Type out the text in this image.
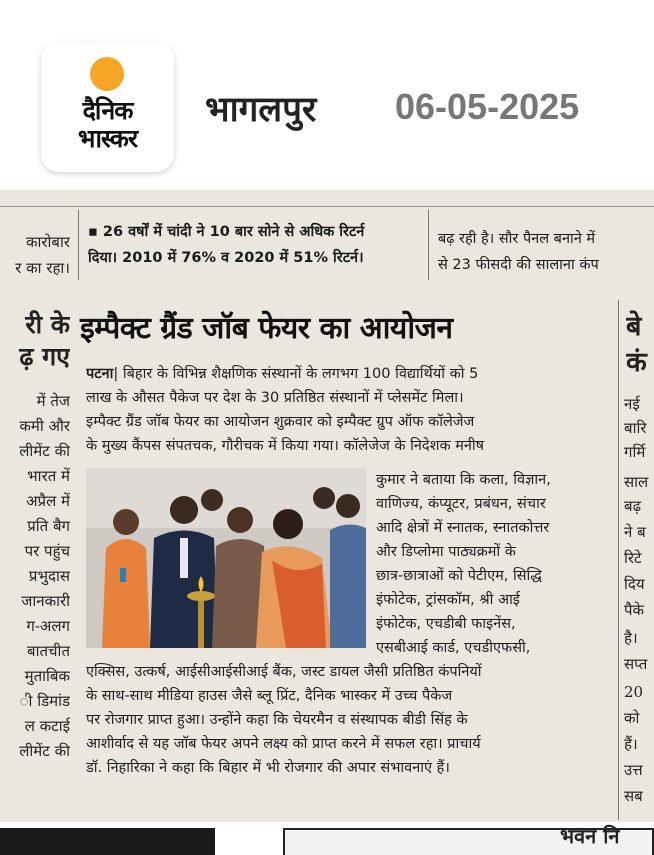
दैनिक
भास्कर
भागलपुर 06-05-2025
कारोबार
र का रहा।
री के
ढ़ गए
में तेज
कमी और
लीमेंट की
भारत में
अप्रैल में
प्रति बैग
पर पहुंच
प्रभुदास
जानकारी
ग-अलग
बातचीत
मुताबिक
ी डिमांड
ल कटाई
लीमेंट की
▪ 26 वर्षों में चांदी ने 10 बार सोने से अधिक रिटर्न
दिया। 2010 में 76% व 2020 में 51% रिटर्न।
बढ़ रही है। सौर पैनल बनाने में
से 23 फीसदी की सालाना कंप
बे
कं
नई
बारि
गर्मि
साल
बढ़
ने ब
रिटे
दिय
पैके
है।
सप्त
20
को
हैं।
उत्त
सब
इम्पैक्ट ग्रैंड जॉब फेयर का आयोजन
पटना| बिहार के विभिन्न शैक्षणिक संस्थानों के लगभग 100 विद्यार्थियों को 5
लाख के औसत पैकेज पर देश के 30 प्रतिष्ठित संस्थानों में प्लेसमेंट मिला।
इम्पैक्ट ग्रैंड जॉब फेयर का आयोजन शुक्रवार को इम्पैक्ट ग्रुप ऑफ कॉलेजेज
के मुख्य कैंपस संपतचक, गौरीचक में किया गया। कॉलेजेज के निदेशक मनीष
कुमार ने बताया कि कला, विज्ञान,
वाणिज्य, कंप्यूटर, प्रबंधन, संचार
आदि क्षेत्रों में स्नातक, स्नातकोत्तर
और डिप्लोमा पाठ्यक्रमों के
छात्र-छात्राओं को पेटीएम, सिद्धि
इंफोटेक, ट्रांसकॉम, श्री आई
इंफोटेक, एचडीबी फाइनेंस,
एसबीआई कार्ड, एचडीएफसी,
एक्सिस, उत्कर्ष, आईसीआईसीआई बैंक, जस्ट डायल जैसी प्रतिष्ठित कंपनियों
के साथ-साथ मीडिया हाउस जैसे ब्लू प्रिंट, दैनिक भास्कर में उच्च पैकेज
पर रोजगार प्राप्त हुआ। उन्होंने कहा कि चेयरमैन व संस्थापक बीडी सिंह के
आशीर्वाद से यह जॉब फेयर अपने लक्ष्य को प्राप्त करने में सफल रहा। प्राचार्य
डॉ. निहारिका ने कहा कि बिहार में भी रोजगार की अपार संभावनाएं हैं।
भवन नि
